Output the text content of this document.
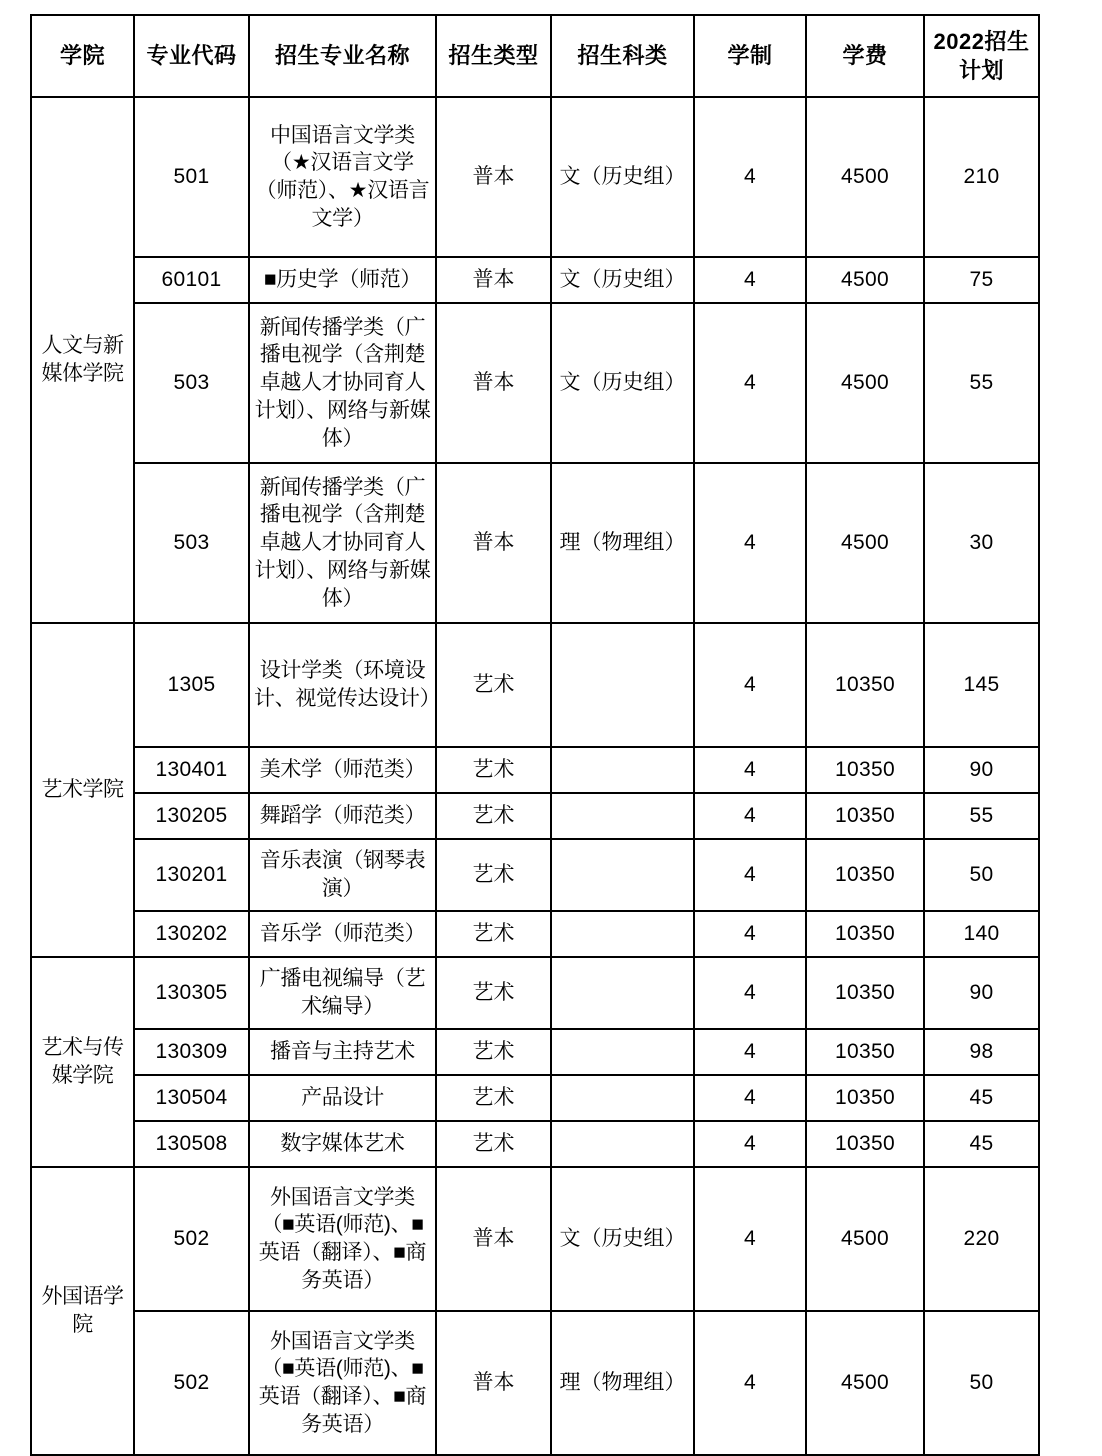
学院	专业代码	招生专业名称	招生类型	招生科类	学制	学费	2022招生
计划
人文与新媒体学院	501	中国语言文学类（★汉语言文学（师范）、★汉语言文学）	普本	文（历史组）	4	4500	210
	60101	■历史学（师范）	普本	文（历史组）	4	4500	75
	503	新闻传播学类（广播电视学（含荆楚卓越人才协同育人计划）、网络与新媒体）	普本	文（历史组）	4	4500	55
	503	新闻传播学类（广播电视学（含荆楚卓越人才协同育人计划）、网络与新媒体）	普本	理（物理组）	4	4500	30
艺术学院	1305	设计学类（环境设计、视觉传达设计）	艺术		4	10350	145
	130401	美术学（师范类）	艺术		4	10350	90
	130205	舞蹈学（师范类）	艺术		4	10350	55
	130201	音乐表演（钢琴表演）	艺术		4	10350	50
	130202	音乐学（师范类）	艺术		4	10350	140
艺术与传媒学院	130305	广播电视编导（艺术编导）	艺术		4	10350	90
	130309	播音与主持艺术	艺术		4	10350	98
	130504	产品设计	艺术		4	10350	45
	130508	数字媒体艺术	艺术		4	10350	45
外国语学院	502	外国语言文学类（■英语(师范)、■英语（翻译）、■商务英语）	普本	文（历史组）	4	4500	220
	502	外国语言文学类（■英语(师范)、■英语（翻译）、■商务英语）	普本	理（物理组）	4	4500	50
